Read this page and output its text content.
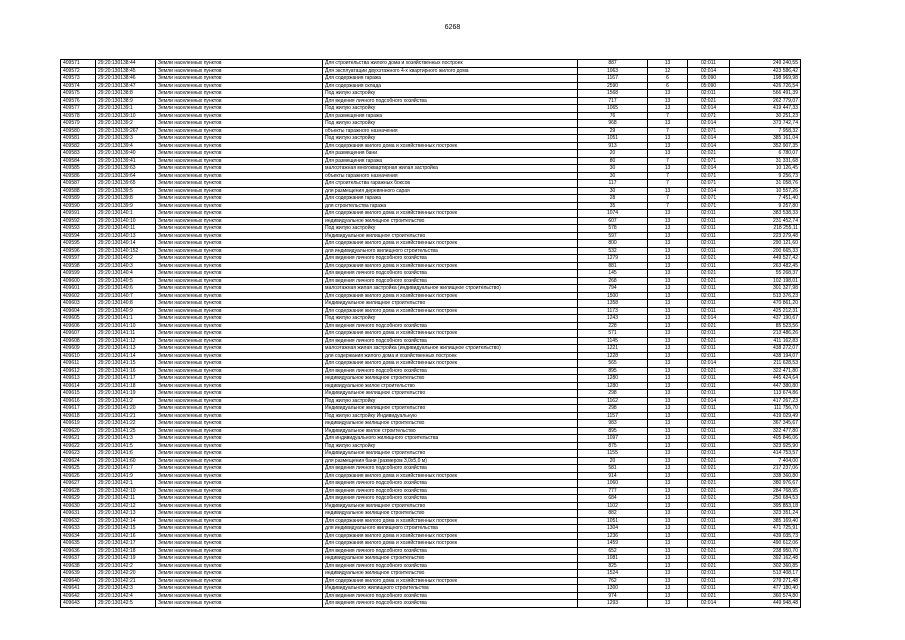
6268
409571	29:20:130138:44	Земли населенных пунктов	Для строительства жилого дома и хозяйственных построек	887	13	02:011	249 240,55
409572	29:20:130138:45	Земли населенных пунктов	Для эксплуатации двухэтажного 4-х квартирного жилого дома	1063	12	02:014	423 586,42
409573	29:20:130138:46	Земли населенных пунктов	Для содержания гаража	1167	6	05:090	198 969,98
409574	29:20:130138:47	Земли населенных пунктов	Для содержания склада	2590	6	05:090	426 726,54
409575	29:20:130138:8	Земли населенных пунктов	Под жилую застройку	1568	13	02:011	566 491,39
409576	29:20:130138:9	Земли населенных пунктов	Для ведения личного подсобного хозяйства	717	13	02:021	262 779,07
409577	29:20:130139:1	Земли населенных пунктов	Под жилую застройку	1065	13	02:014	419 447,33
409578	29:20:130139:10	Земли населенных пунктов	Для размещения гаража	76	7	02:071	30 251,23
409579	29:20:130139:2	Земли населенных пунктов	Под жилую застройку	968	13	02:014	373 742,74
409580	29:20:130139:267	Земли населенных пунктов	объекты гаражного назначения	29	7	02:071	7 958,32
409581	29:20:130139:3	Земли населенных пунктов	Под жилую застройку	1051	13	02:014	385 161,04
409582	29:20:130139:4	Земли населенных пунктов	Для содержания жилого дома и хозяйственных построек	913	13	02:014	352 907,35
409583	29:20:130139:40	Земли населенных пунктов	Для размещения бани	20	13	02:021	6 780,07
409584	29:20:130139:41	Земли населенных пунктов	Для размещения гаража	80	7	02:071	31 331,68
409585	29:20:130139:63	Земли населенных пунктов	малоэтажная многоквартирная жилая застройка	30	13	02:014	10 126,45
409586	29:20:130139:64	Земли населенных пунктов	объекты гаражного назначения	30	7	02:071	9 256,73
409587	29:20:130139:65	Земли населенных пунктов	Для строительства гаражных боксов	117	7	02:071	31 058,76
409588	29:20:130139:5	Земли населенных пунктов	для размещения деревянного сарая	30	13	02:014	10 557,26
409589	29:20:130139:8	Земли населенных пунктов	Для содержания гаража	28	7	02:071	7 451,40
409590	29:20:130139:9	Земли населенных пунктов	для строительства гаража	35	7	02:071	9 257,80
409591	29:20:130140:1	Земли населенных пунктов	Для содержания жилого дома и хозяйственных построек	1074	13	02:011	383 538,33
409592	29:20:130140:10	Земли населенных пунктов	индивидуальное жилищное строительство	607	13	02:011	231 452,74
409593	29:20:130140:11	Земли населенных пунктов	Под жилую застройку	578	13	02:011	218 255,11
409594	29:20:130140:13	Земли населенных пунктов	Индивидуальное жилищное строительство	597	13	02:011	223 279,48
409595	29:20:130140:14	Земли населенных пунктов	Для содержания жилого дома и хозяйственных построек	800	13	02:011	290 121,60
409596	29:20:130140:152	Земли населенных пунктов	для индивидуального жилищного строительства	532	13	02:011	200 665,33
409597	29:20:130140:2	Земли населенных пунктов	Для ведения личного подсобного хозяйства	1279	13	02:021	449 527,42
409598	29:20:130140:3	Земли населенных пунктов	Для содержания жилого дома и хозяйственных построек	881	13	02:011	263 482,45
409599	29:20:130140:4	Земли населенных пунктов	Для ведения личного подсобного хозяйства	145	13	02:021	55 268,37
409600	29:20:130140:5	Земли населенных пунктов	Для ведения личного подсобного хозяйства	268	13	02:021	102 198,01
409601	29:20:130140:6	Земли населенных пунктов	малоэтажная жилая застройка (индивидуальное жилищное строительство)	794	13	02:011	301 327,98
409602	29:20:130140:7	Земли населенных пунктов	Для содержания жилого дома и хозяйственных построек	1500	13	02:011	513 376,23
409603	29:20:130140:8	Земли населенных пунктов	Индивидуальное жилищное строительство	1358	13	02:011	470 861,20
409604	29:20:130140:9	Земли населенных пунктов	Для содержания жилого дома и хозяйственных построек	1173	13	02:011	425 212,31
409605	29:20:130141:1	Земли населенных пунктов	Под жилую застройку	1243	13	02:014	437 190,67
409606	29:20:130141:10	Земли населенных пунктов	Для ведения личного подсобного хозяйства	228	13	02:021	85 523,56
409607	29:20:130141:11	Земли населенных пунктов	Для содержания жилого дома и хозяйственных построек	571	13	02:011	213 486,26
409608	29:20:130141:12	Земли населенных пунктов	Для ведения личного подсобного хозяйства	1145	13	02:021	411 162,83
409609	29:20:130141:13	Земли населенных пунктов	малоэтажная жилая застройка (индивидуальное жилищное строительство)	1221	13	02:011	438 272,07
409610	29:20:130141:14	Земли населенных пунктов	для содержания жилого дома и хозяйственных построек	1228	13	02:011	438 194,07
409611	29:20:130141:15	Земли населенных пунктов	Для содержания жилого дома и хозяйственных построек	565	13	02:014	211 628,53
409612	29:20:130141:16	Земли населенных пунктов	Для ведения личного подсобного хозяйства	895	13	02:021	322 471,80
409613	29:20:130141:17	Земли населенных пунктов	индивидуальное жилищное строительство	1280	13	02:011	445 424,64
409614	29:20:130141:18	Земли населенных пунктов	индивидуальное жилое строительство	1280	13	02:011	447 380,80
409615	29:20:130141:19	Земли населенных пунктов	Индивидуальное жилищное строительство	298	13	02:011	113 674,86
409616	29:20:130141:2	Земли населенных пунктов	Под жилую застройку	1162	13	02:014	417 267,23
409617	29:20:130141:20	Земли населенных пунктов	Индивидуальное жилищное строительство	298	13	02:011	111 756,70
409618	29:20:130141:21	Земли населенных пунктов	Под жилую застройку Индивидуальную	1157	13	02:011	419 029,49
409619	29:20:130141:22	Земли населенных пунктов	индивидуальное жилищное строительство	983	13	02:011	367 345,67
409620	29:20:130141:25	Земли населенных пунктов	Индивидуальное жилое строительство	895	13	02:011	322 477,80
409621	29:20:130141:3	Земли населенных пунктов	Для индивидуального жилищного строительства	1097	13	02:011	405 846,06
409622	29:20:130141:5	Земли населенных пунктов	Под жилую застройку	875	13	02:011	323 925,90
409623	29:20:130141:6	Земли населенных пунктов	Индивидуальное жилищное строительство	1155	13	02:011	414 753,57
409624	29:20:130141:60	Земли населенных пунктов	для размещения бани (размером 3,0х5,0 м)	20	13	02:021	7 404,00
409625	29:20:130141:7	Земли населенных пунктов	Для ведения личного подсобного хозяйства	581	13	02:021	217 237,06
409626	29:20:130141:9	Земли населенных пунктов	Для содержания жилого дома и хозяйственных построек	914	13	02:011	338 360,80
409627	29:20:130142:1	Земли населенных пунктов	Для ведения личного подсобного хозяйства	1060	13	02:021	380 976,67
409628	29:20:130142:10	Земли населенных пунктов	Для ведения личного подсобного хозяйства	777	13	02:021	284 768,95
409629	29:20:130142:11	Земли населенных пунктов	Для ведения личного подсобного хозяйства	684	13	02:021	250 684,53
409630	29:20:130142:12	Земли населенных пунктов	Индивидуальное жилищное строительство	1102	13	02:011	395 853,18
409631	29:20:130142:13	Земли населенных пунктов	индивидуальное жилищное строительство	882	13	02:011	323 351,24
409632	29:20:130142:14	Земли населенных пунктов	Для содержания жилого дома и хозяйственных построек	1051	13	02:011	385 169,40
409633	29:20:130142:15	Земли населенных пунктов	для индивидуального жилищного строительства	1304	13	02:011	471 725,91
409634	29:20:130142:16	Земли населенных пунктов	Для содержания жилого дома и хозяйственных построек	1236	13	02:011	439 035,73
409635	29:20:130142:17	Земли населенных пунктов	Для содержания жилого дома и хозяйственных построек	1459	13	02:011	490 612,06
409636	29:20:130142:18	Земли населенных пунктов	Для ведения личного подсобного хозяйства	652	13	02:021	238 950,70
409637	29:20:130142:19	Земли населенных пунктов	индивидуальное жилищное строительство	1081	13	02:011	392 162,48
409638	29:20:130142:2	Земли населенных пунктов	Для ведения личного подсобного хозяйства	825	13	02:021	302 360,85
409639	29:20:130142:20	Земли населенных пунктов	индивидуальное жилищное строительство	1524	13	02:011	513 408,17
409640	29:20:130142:21	Земли населенных пунктов	Для содержания жилого дома и хозяйственных построек	762	13	02:011	279 271,48
409641	29:20:130142:3	Земли населенных пунктов	Индивидуального жилищного строительства	1300	13	02:011	477 180,40
409642	29:20:130142:4	Земли населенных пунктов	Для ведения личного подсобного хозяйства	974	13	02:021	360 574,80
409643	29:20:130142:5	Земли населенных пунктов	Для ведения личного подсобного хозяйства	1293	13	02:014	449 948,48
